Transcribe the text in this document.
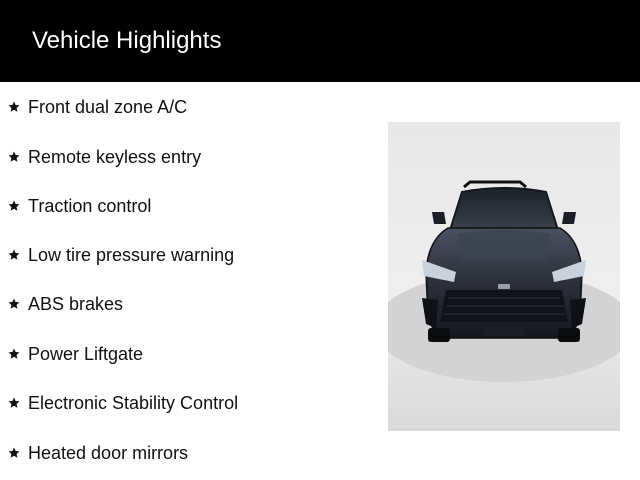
Vehicle Highlights
Front dual zone A/C
Remote keyless entry
Traction control
Low tire pressure warning
ABS brakes
Power Liftgate
Electronic Stability Control
Heated door mirrors
